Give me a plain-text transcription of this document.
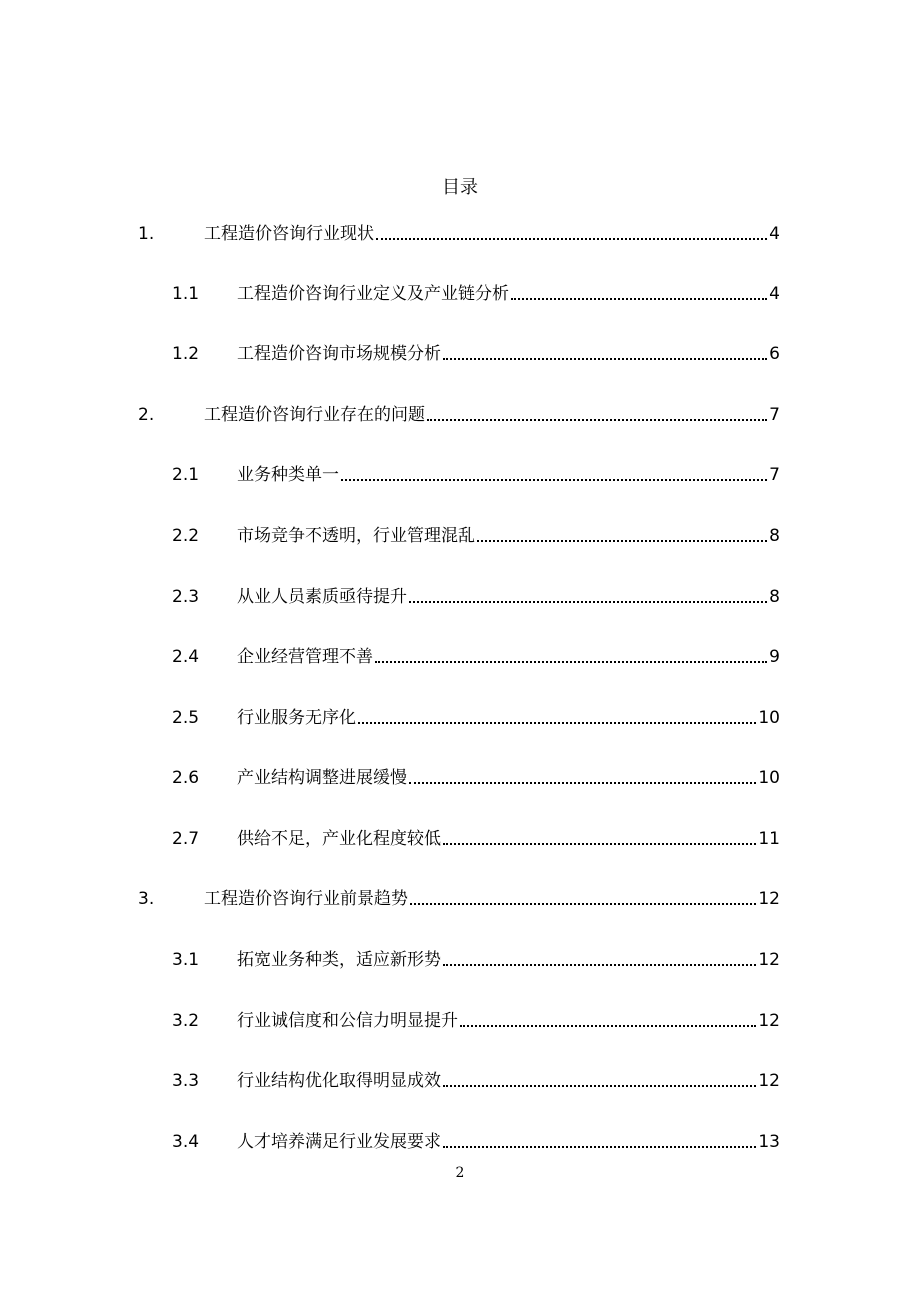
目录
1.	工程造价咨询行业现状	4
1.1	工程造价咨询行业定义及产业链分析	4
1.2	工程造价咨询市场规模分析	6
2.	工程造价咨询行业存在的问题	7
2.1	业务种类单一	7
2.2	市场竞争不透明，行业管理混乱	8
2.3	从业人员素质亟待提升	8
2.4	企业经营管理不善	9
2.5	行业服务无序化	10
2.6	产业结构调整进展缓慢	10
2.7	供给不足，产业化程度较低	11
3.	工程造价咨询行业前景趋势	12
3.1	拓宽业务种类，适应新形势	12
3.2	行业诚信度和公信力明显提升	12
3.3	行业结构优化取得明显成效	12
3.4	人才培养满足行业发展要求	13
2
